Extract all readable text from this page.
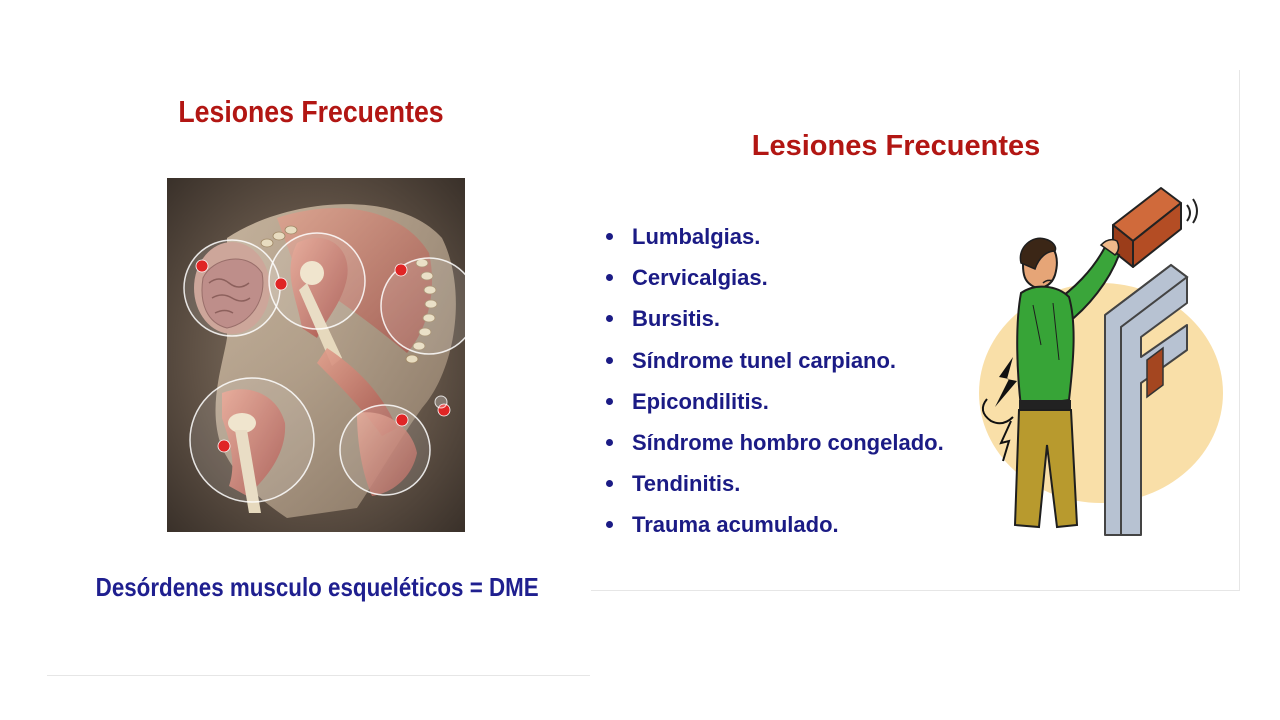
Lesiones Frecuentes
Desórdenes musculo esqueléticos = DME
Lesiones Frecuentes
Lumbalgias.
Cervicalgias.
Bursitis.
Síndrome tunel carpiano.
Epicondilitis.
Síndrome hombro congelado.
Tendinitis.
Trauma acumulado.
